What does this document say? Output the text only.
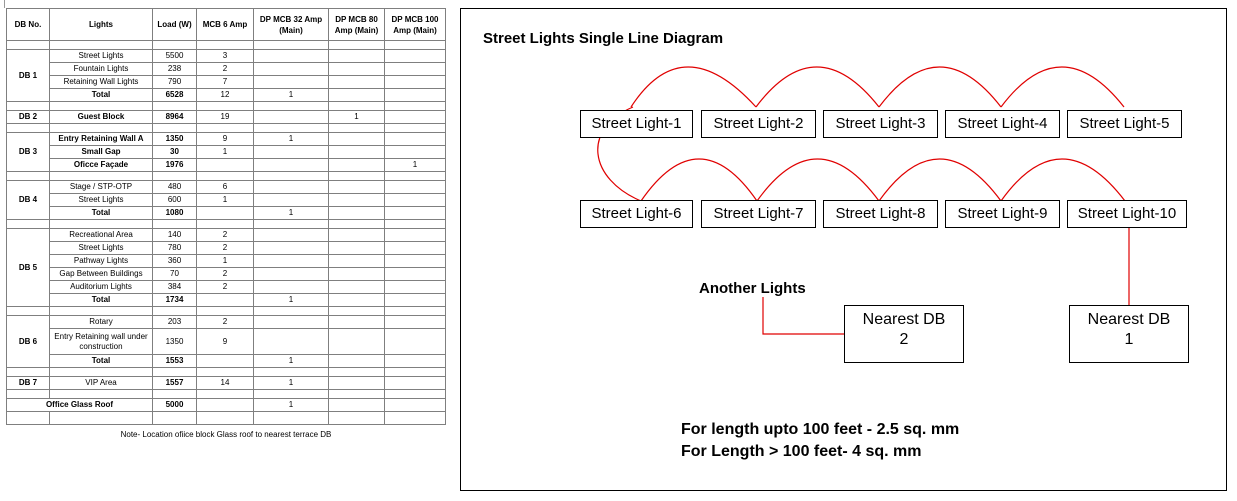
DB No.	Lights	Load (W)	MCB 6 Amp	DP MCB 32 Amp (Main)	DP MCB 80 Amp (Main)	DP MCB 100 Amp (Main)

DB 1	Street Lights	5500	3			
	Fountain Lights	238	2			
	Retaining Wall Lights	790	7			
	Total	6528	12	1		

DB 2	Guest Block	8964	19		1	

DB 3	Entry Retaining Wall A	1350	9	1		
	Small Gap	30	1			
	Oficce Façade	1976				1

DB 4	Stage / STP-OTP	480	6			
	Street Lights	600	1			
	Total	1080		1		

DB 5	Recreational Area	140	2			
	Street Lights	780	2			
	Pathway Lights	360	1			
	Gap Between Buildings	70	2			
	Auditorium Lights	384	2			
	Total	1734		1		

DB 6	Rotary	203	2			
	Entry Retaining wall under construction	1350	9			
	Total	1553		1		

DB 7	VIP Area	1557	14	1		

Office Glass Roof		5000		1		

Note- Location ofiice block Glass roof to nearest terrace DB						
Street Lights Single Line Diagram
Street Light-1	Street Light-2	Street Light-3	Street Light-4	Street Light-5
Street Light-6	Street Light-7	Street Light-8	Street Light-9	Street Light-10
Another Lights
Nearest DB
2
Nearest DB
1
For length upto 100 feet - 2.5 sq. mm
For Length > 100 feet- 4 sq. mm
